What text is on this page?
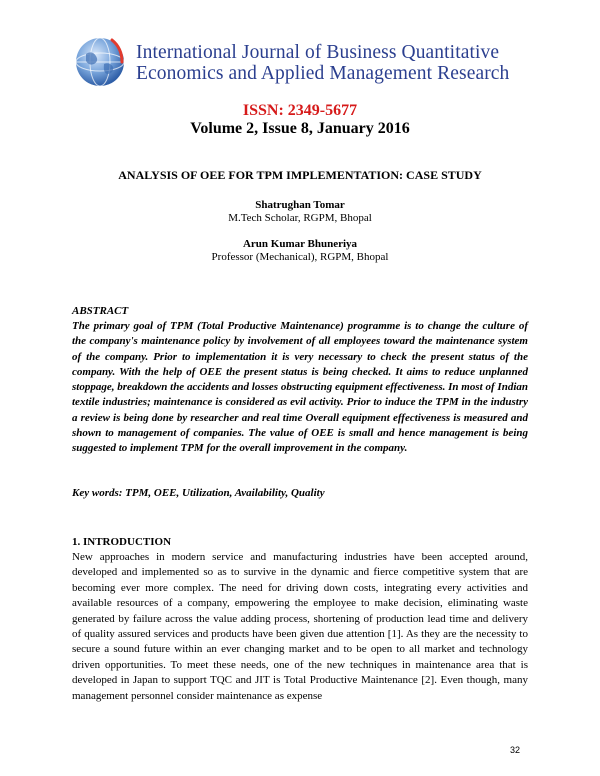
International Journal of Business Quantitative
Economics and Applied Management Research
ISSN: 2349-5677
Volume 2, Issue 8, January 2016
ANALYSIS OF OEE FOR TPM IMPLEMENTATION: CASE STUDY
Shatrughan Tomar
M.Tech Scholar, RGPM, Bhopal
Arun Kumar Bhuneriya
Professor (Mechanical), RGPM, Bhopal
ABSTRACT
The primary goal of TPM (Total Productive Maintenance) programme is to change the culture of the company's maintenance policy by involvement of all employees toward the maintenance system of the company. Prior to implementation it is very necessary to check the present status of the company. With the help of OEE the present status is being checked. It aims to reduce unplanned stoppage, breakdown the accidents and losses obstructing equipment effectiveness. In most of Indian textile industries; maintenance is considered as evil activity. Prior to induce the TPM in the industry a review is being done by researcher and real time Overall equipment effectiveness is measured and shown to management of companies. The value of OEE is small and hence management is being suggested to implement TPM for the overall improvement in the company.
Key words: TPM, OEE, Utilization, Availability, Quality
1. INTRODUCTION
New approaches in modern service and manufacturing industries have been accepted around, developed and implemented so as to survive in the dynamic and fierce competitive system that are becoming ever more complex. The need for driving down costs, integrating every activities and available resources of a company, empowering the employee to make decision, eliminating waste generated by failure across the value adding process, shortening of production lead time and delivery of quality assured services and products have been given due attention [1]. As they are the necessity to secure a sound future within an ever changing market and to be open to all market and technology driven opportunities. To meet these needs, one of the new techniques in maintenance area that is developed in Japan to support TQC and JIT is Total Productive Maintenance [2]. Even though, many management personnel consider maintenance as expense
32
